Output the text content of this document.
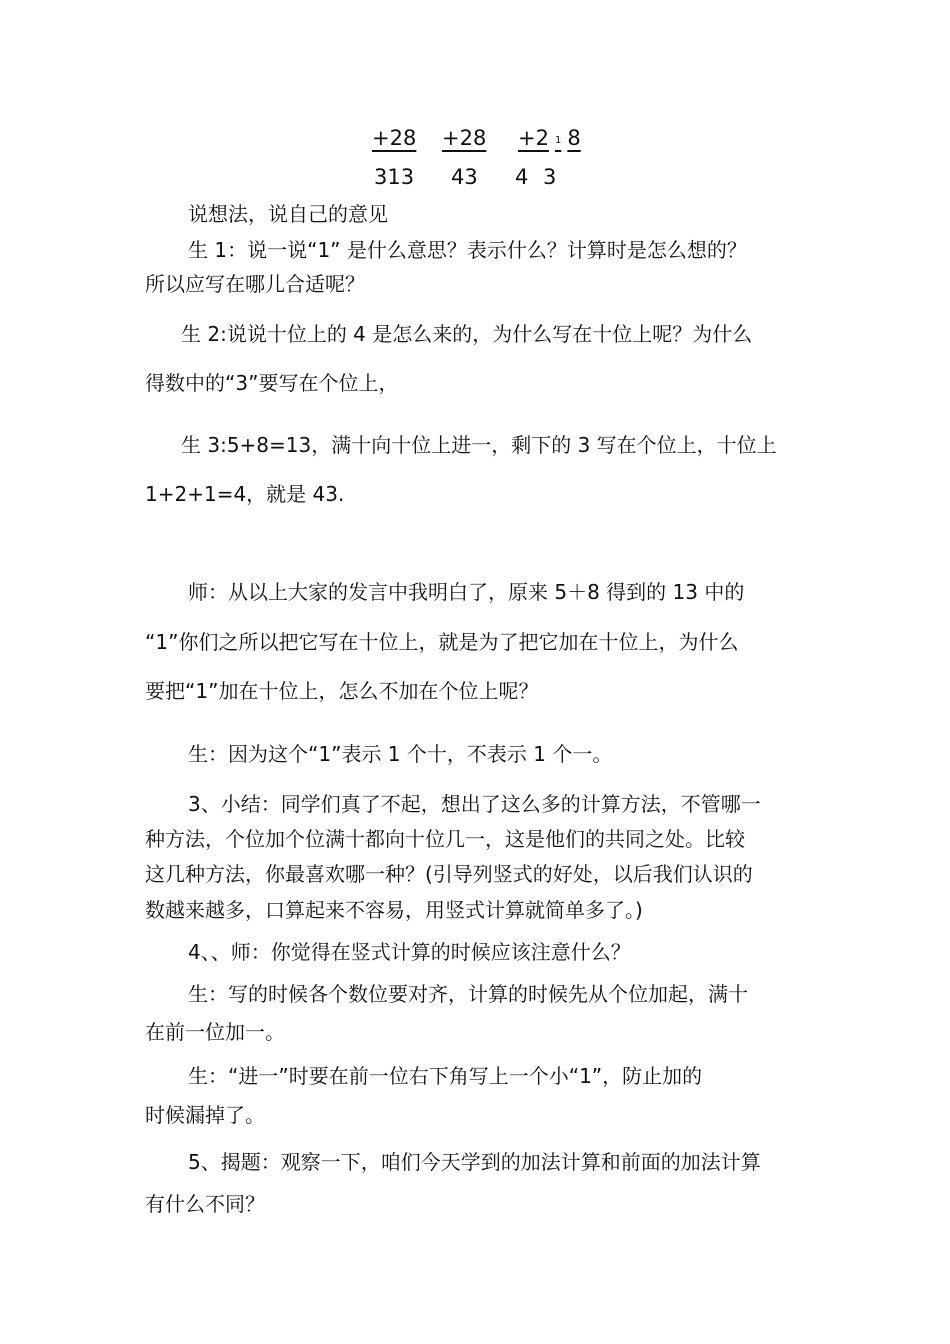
+28 +28 +2 1 8
313 43 4 3

说想法，说自己的意见

生 1：说一说“1” 是什么意思？表示什么？计算时是怎么想的？

所以应写在哪儿合适呢？

生 2:说说十位上的 4 是怎么来的，为什么写在十位上呢？为什么

得数中的“3”要写在个位上，

生 3:5+8=13，满十向十位上进一，剩下的 3 写在个位上，十位上

1+2+1=4，就是 43.

师：从以上大家的发言中我明白了，原来 5＋8 得到的 13 中的

“1”你们之所以把它写在十位上，就是为了把它加在十位上，为什么

要把“1”加在十位上，怎么不加在个位上呢？

生：因为这个“1”表示 1 个十，不表示 1 个一。

3、小结：同学们真了不起，想出了这么多的计算方法，不管哪一

种方法，个位加个位满十都向十位几一，这是他们的共同之处。比较

这几种方法，你最喜欢哪一种？(引导列竖式的好处，以后我们认识的

数越来越多，口算起来不容易，用竖式计算就简单多了。)

4、、师：你觉得在竖式计算的时候应该注意什么？

生：写的时候各个数位要对齐，计算的时候先从个位加起，满十

在前一位加一。

生：“进一”时要在前一位右下角写上一个小“1”，防止加的

时候漏掉了。

5、揭题：观察一下，咱们今天学到的加法计算和前面的加法计算

有什么不同？
